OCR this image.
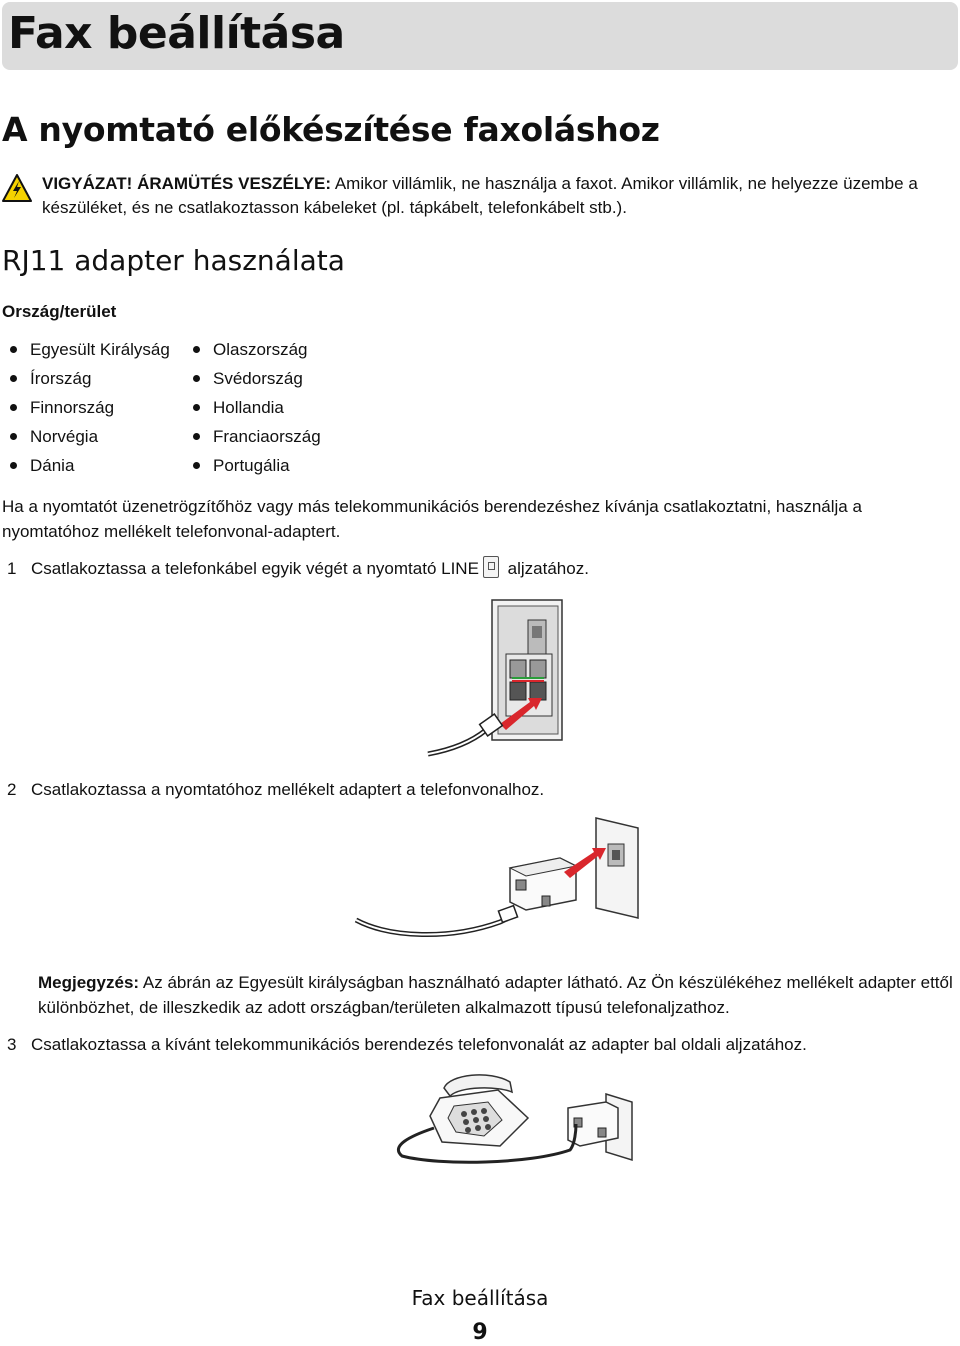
Fax beállítása
A nyomtató előkészítése faxoláshoz
VIGYÁZAT! ÁRAMÜTÉS VESZÉLYE: Amikor villámlik, ne használja a faxot. Amikor villámlik, ne helyezze üzembe a készüléket, és ne csatlakoztasson kábeleket (pl. tápkábelt, telefonkábelt stb.).
RJ11 adapter használata
Ország/terület
Egyesült Királyság
Írország
Finnország
Norvégia
Dánia
Olaszország
Svédország
Hollandia
Franciaország
Portugália
Ha a nyomtatót üzenetrögzítőhöz vagy más telekommunikációs berendezéshez kívánja csatlakoztatni, használja a nyomtatóhoz mellékelt telefonvonal-adaptert.
1 Csatlakoztassa a telefonkábel egyik végét a nyomtató LINE aljzatához.
2 Csatlakoztassa a nyomtatóhoz mellékelt adaptert a telefonvonalhoz.
Megjegyzés: Az ábrán az Egyesült királyságban használható adapter látható. Az Ön készülékéhez mellékelt adapter ettől különbözhet, de illeszkedik az adott országban/területen alkalmazott típusú telefonaljzathoz.
3 Csatlakoztassa a kívánt telekommunikációs berendezés telefonvonalát az adapter bal oldali aljzatához.
Fax beállítása
9
